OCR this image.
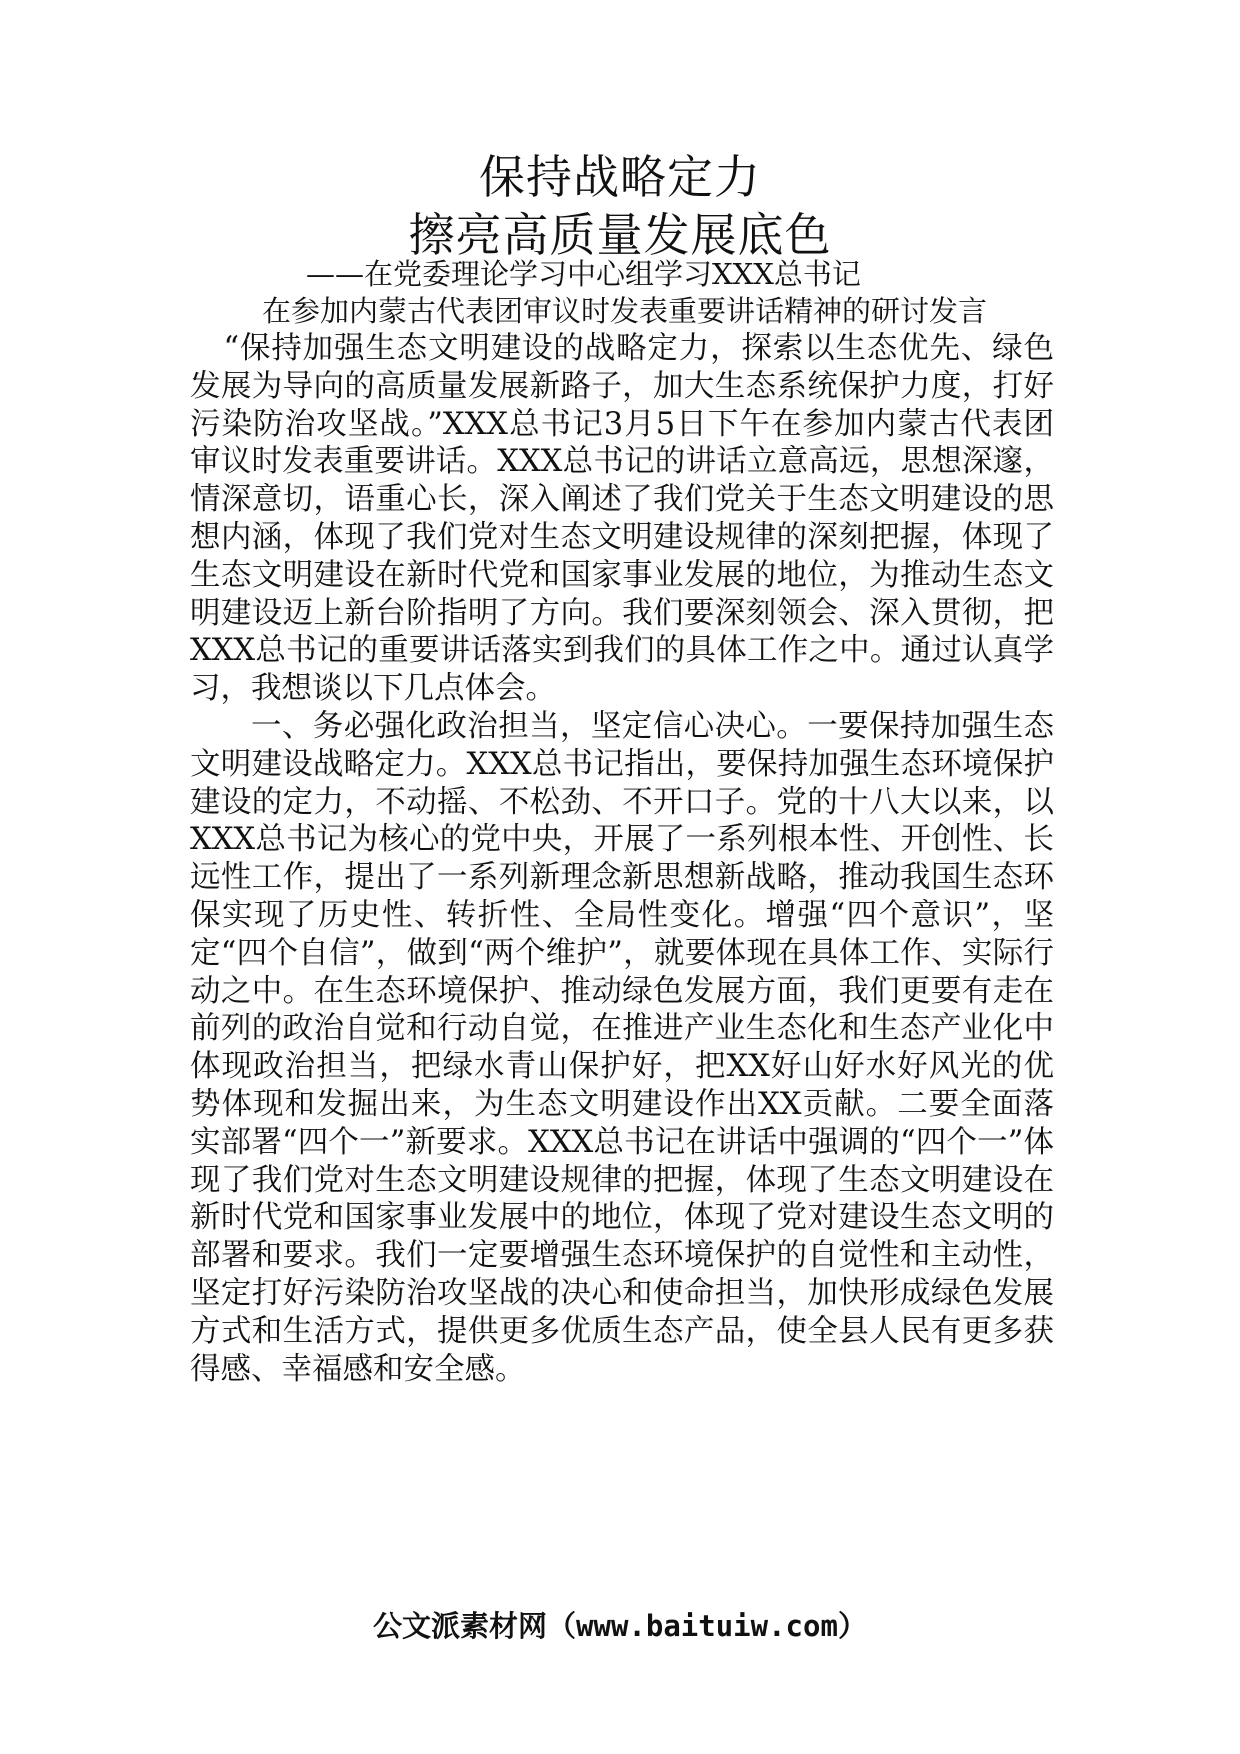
保持战略定力
擦亮高质量发展底色
——在党委理论学习中心组学习XXX总书记
在参加内蒙古代表团审议时发表重要讲话精神的研讨发言

“保持加强生态文明建设的战略定力，探索以生态优先、绿色发展为导向的高质量发展新路子，加大生态系统保护力度，打好污染防治攻坚战。”XXX总书记3月5日下午在参加内蒙古代表团审议时发表重要讲话。XXX总书记的讲话立意高远，思想深邃，情深意切，语重心长，深入阐述了我们党关于生态文明建设的思想内涵，体现了我们党对生态文明建设规律的深刻把握，体现了生态文明建设在新时代党和国家事业发展的地位，为推动生态文明建设迈上新台阶指明了方向。我们要深刻领会、深入贯彻，把XXX总书记的重要讲话落实到我们的具体工作之中。通过认真学习，我想谈以下几点体会。

一、务必强化政治担当，坚定信心决心。一要保持加强生态文明建设战略定力。XXX总书记指出，要保持加强生态环境保护建设的定力，不动摇、不松劲、不开口子。党的十八大以来，以XXX总书记为核心的党中央，开展了一系列根本性、开创性、长远性工作，提出了一系列新理念新思想新战略，推动我国生态环保实现了历史性、转折性、全局性变化。增强“四个意识”，坚定“四个自信”，做到“两个维护”，就要体现在具体工作、实际行动之中。在生态环境保护、推动绿色发展方面，我们更要有走在前列的政治自觉和行动自觉，在推进产业生态化和生态产业化中体现政治担当，把绿水青山保护好，把XX好山好水好风光的优势体现和发掘出来，为生态文明建设作出XX贡献。二要全面落实部署“四个一”新要求。XXX总书记在讲话中强调的“四个一”体现了我们党对生态文明建设规律的把握，体现了生态文明建设在新时代党和国家事业发展中的地位，体现了党对建设生态文明的部署和要求。我们一定要增强生态环境保护的自觉性和主动性，坚定打好污染防治攻坚战的决心和使命担当，加快形成绿色发展方式和生活方式，提供更多优质生态产品，使全县人民有更多获得感、幸福感和安全感。

公文派素材网（www.baituiw.com）
